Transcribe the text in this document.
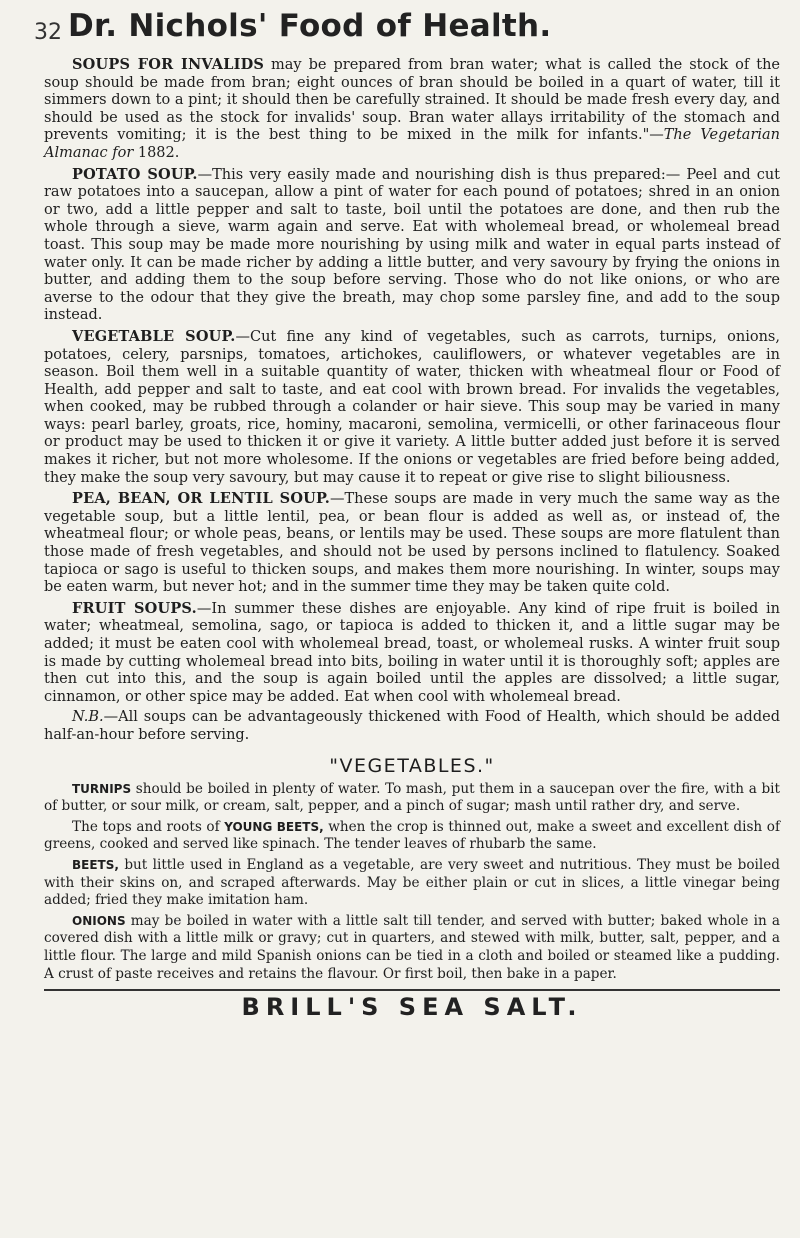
32 Dr. Nichols' Food of Health.

SOUPS FOR INVALIDS may be prepared from bran water; what is called the stock of the soup should be made from bran; eight ounces of bran should be boiled in a quart of water, till it simmers down to a pint; it should then be carefully strained. It should be made fresh every day, and should be used as the stock for invalids' soup. Bran water allays irritability of the stomach and prevents vomiting; it is the best thing to be mixed in the milk for infants."—The Vegetarian Almanac for 1882.

POTATO SOUP.—This very easily made and nourishing dish is thus prepared:— Peel and cut raw potatoes into a saucepan, allow a pint of water for each pound of potatoes; shred in an onion or two, add a little pepper and salt to taste, boil until the potatoes are done, and then rub the whole through a sieve, warm again and serve. Eat with wholemeal bread, or wholemeal bread toast. This soup may be made more nourishing by using milk and water in equal parts instead of water only. It can be made richer by adding a little butter, and very savoury by frying the onions in butter, and adding them to the soup before serving. Those who do not like onions, or who are averse to the odour that they give the breath, may chop some parsley fine, and add to the soup instead.

VEGETABLE SOUP.—Cut fine any kind of vegetables, such as carrots, turnips, onions, potatoes, celery, parsnips, tomatoes, artichokes, cauliflowers, or whatever vegetables are in season. Boil them well in a suitable quantity of water, thicken with wheatmeal flour or Food of Health, add pepper and salt to taste, and eat cool with brown bread. For invalids the vegetables, when cooked, may be rubbed through a colander or hair sieve. This soup may be varied in many ways: pearl barley, groats, rice, hominy, macaroni, semolina, vermicelli, or other farinaceous flour or product may be used to thicken it or give it variety. A little butter added just before it is served makes it richer, but not more wholesome. If the onions or vegetables are fried before being added, they make the soup very savoury, but may cause it to repeat or give rise to slight biliousness.

PEA, BEAN, OR LENTIL SOUP.—These soups are made in very much the same way as the vegetable soup, but a little lentil, pea, or bean flour is added as well as, or instead of, the wheatmeal flour; or whole peas, beans, or lentils may be used. These soups are more flatulent than those made of fresh vegetables, and should not be used by persons inclined to flatulency. Soaked tapioca or sago is useful to thicken soups, and makes them more nourishing. In winter, soups may be eaten warm, but never hot; and in the summer time they may be taken quite cold.

FRUIT SOUPS.—In summer these dishes are enjoyable. Any kind of ripe fruit is boiled in water; wheatmeal, semolina, sago, or tapioca is added to thicken it, and a little sugar may be added; it must be eaten cool with wholemeal bread, toast, or wholemeal rusks. A winter fruit soup is made by cutting wholemeal bread into bits, boiling in water until it is thoroughly soft; apples are then cut into this, and the soup is again boiled until the apples are dissolved; a little sugar, cinnamon, or other spice may be added. Eat when cool with wholemeal bread.

N.B.—All soups can be advantageously thickened with Food of Health, which should be added half-an-hour before serving.

"VEGETABLES."

TURNIPS should be boiled in plenty of water. To mash, put them in a saucepan over the fire, with a bit of butter, or sour milk, or cream, salt, pepper, and a pinch of sugar; mash until rather dry, and serve.

The tops and roots of YOUNG BEETS, when the crop is thinned out, make a sweet and excellent dish of greens, cooked and served like spinach. The tender leaves of rhubarb the same.

BEETS, but little used in England as a vegetable, are very sweet and nutritious. They must be boiled with their skins on, and scraped afterwards. May be either plain or cut in slices, a little vinegar being added; fried they make imitation ham.

ONIONS may be boiled in water with a little salt till tender, and served with butter; baked whole in a covered dish with a little milk or gravy; cut in quarters, and stewed with milk, butter, salt, pepper, and a little flour. The large and mild Spanish onions can be tied in a cloth and boiled or steamed like a pudding. A crust of paste receives and retains the flavour. Or first boil, then bake in a paper.

BRILL'S SEA SALT.
